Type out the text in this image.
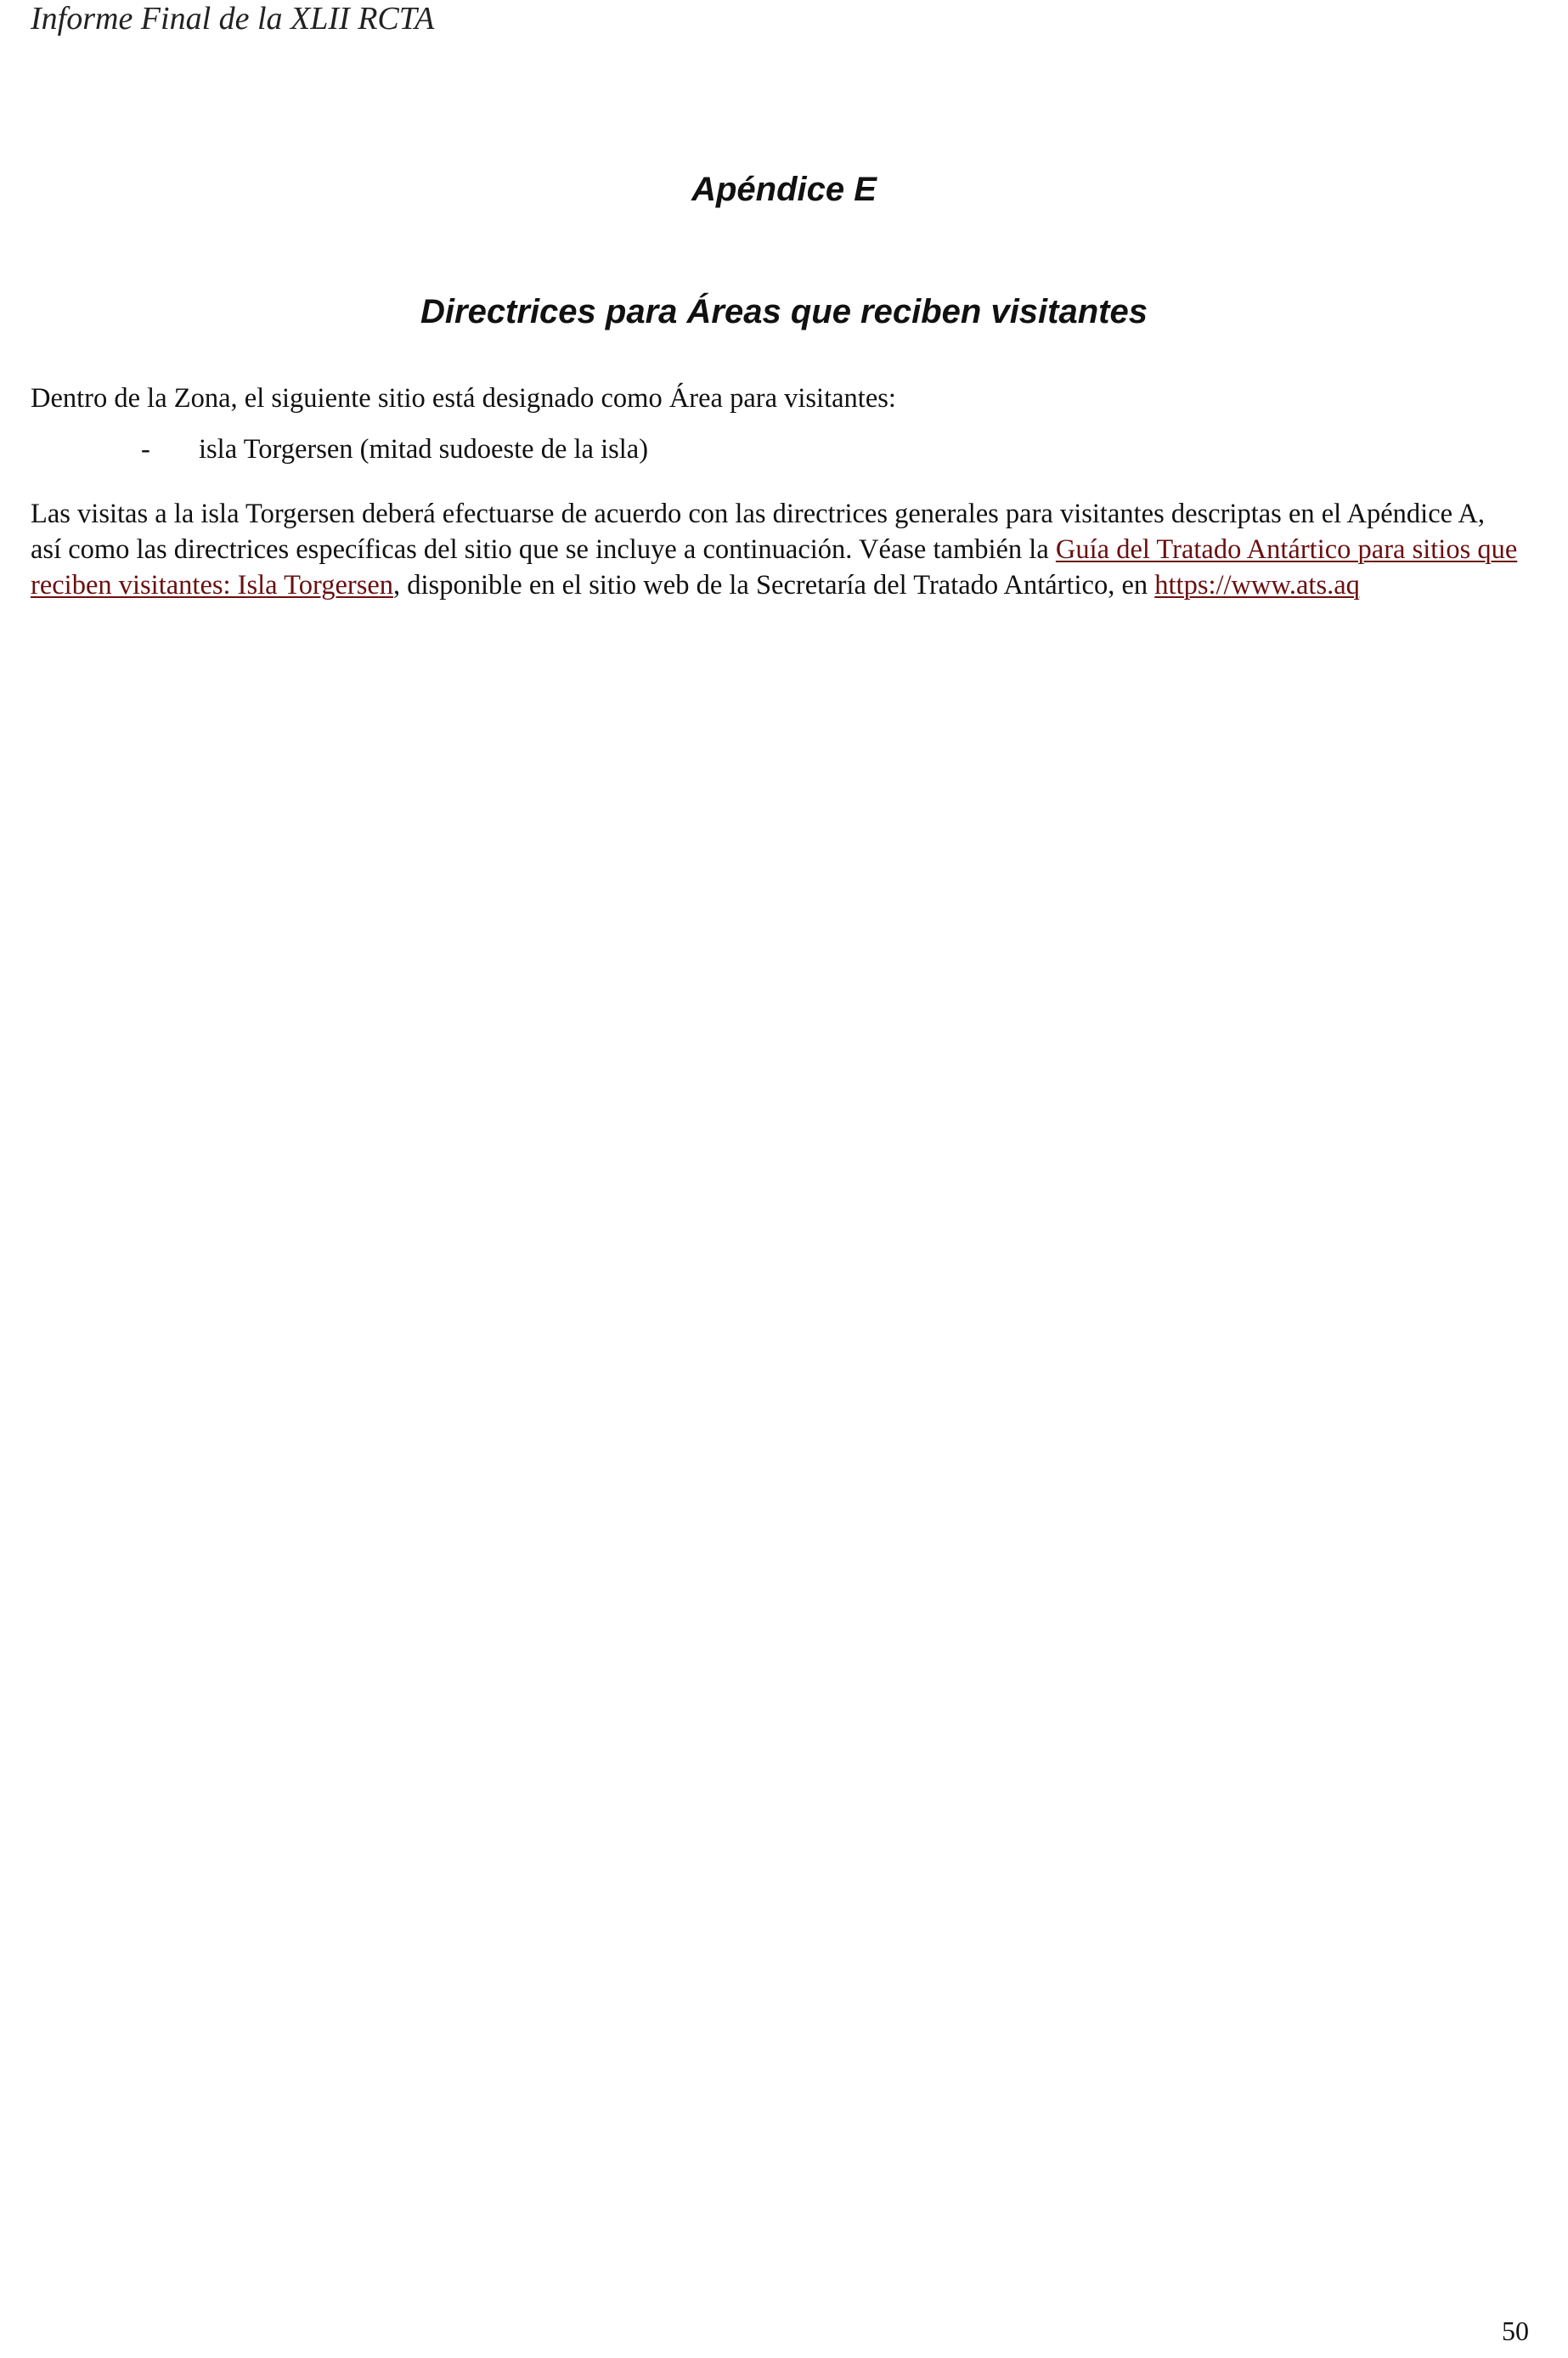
Informe Final de la XLII RCTA
Apéndice E
Directrices para Áreas que reciben visitantes

Dentro de la Zona, el siguiente sitio está designado como Área para visitantes:

- isla Torgersen (mitad sudoeste de la isla)

Las visitas a la isla Torgersen deberá efectuarse de acuerdo con las directrices generales para visitantes descriptas en el Apéndice A, así como las directrices específicas del sitio que se incluye a continuación. Véase también la Guía del Tratado Antártico para sitios que reciben visitantes: Isla Torgersen, disponible en el sitio web de la Secretaría del Tratado Antártico, en https://www.ats.aq

50
